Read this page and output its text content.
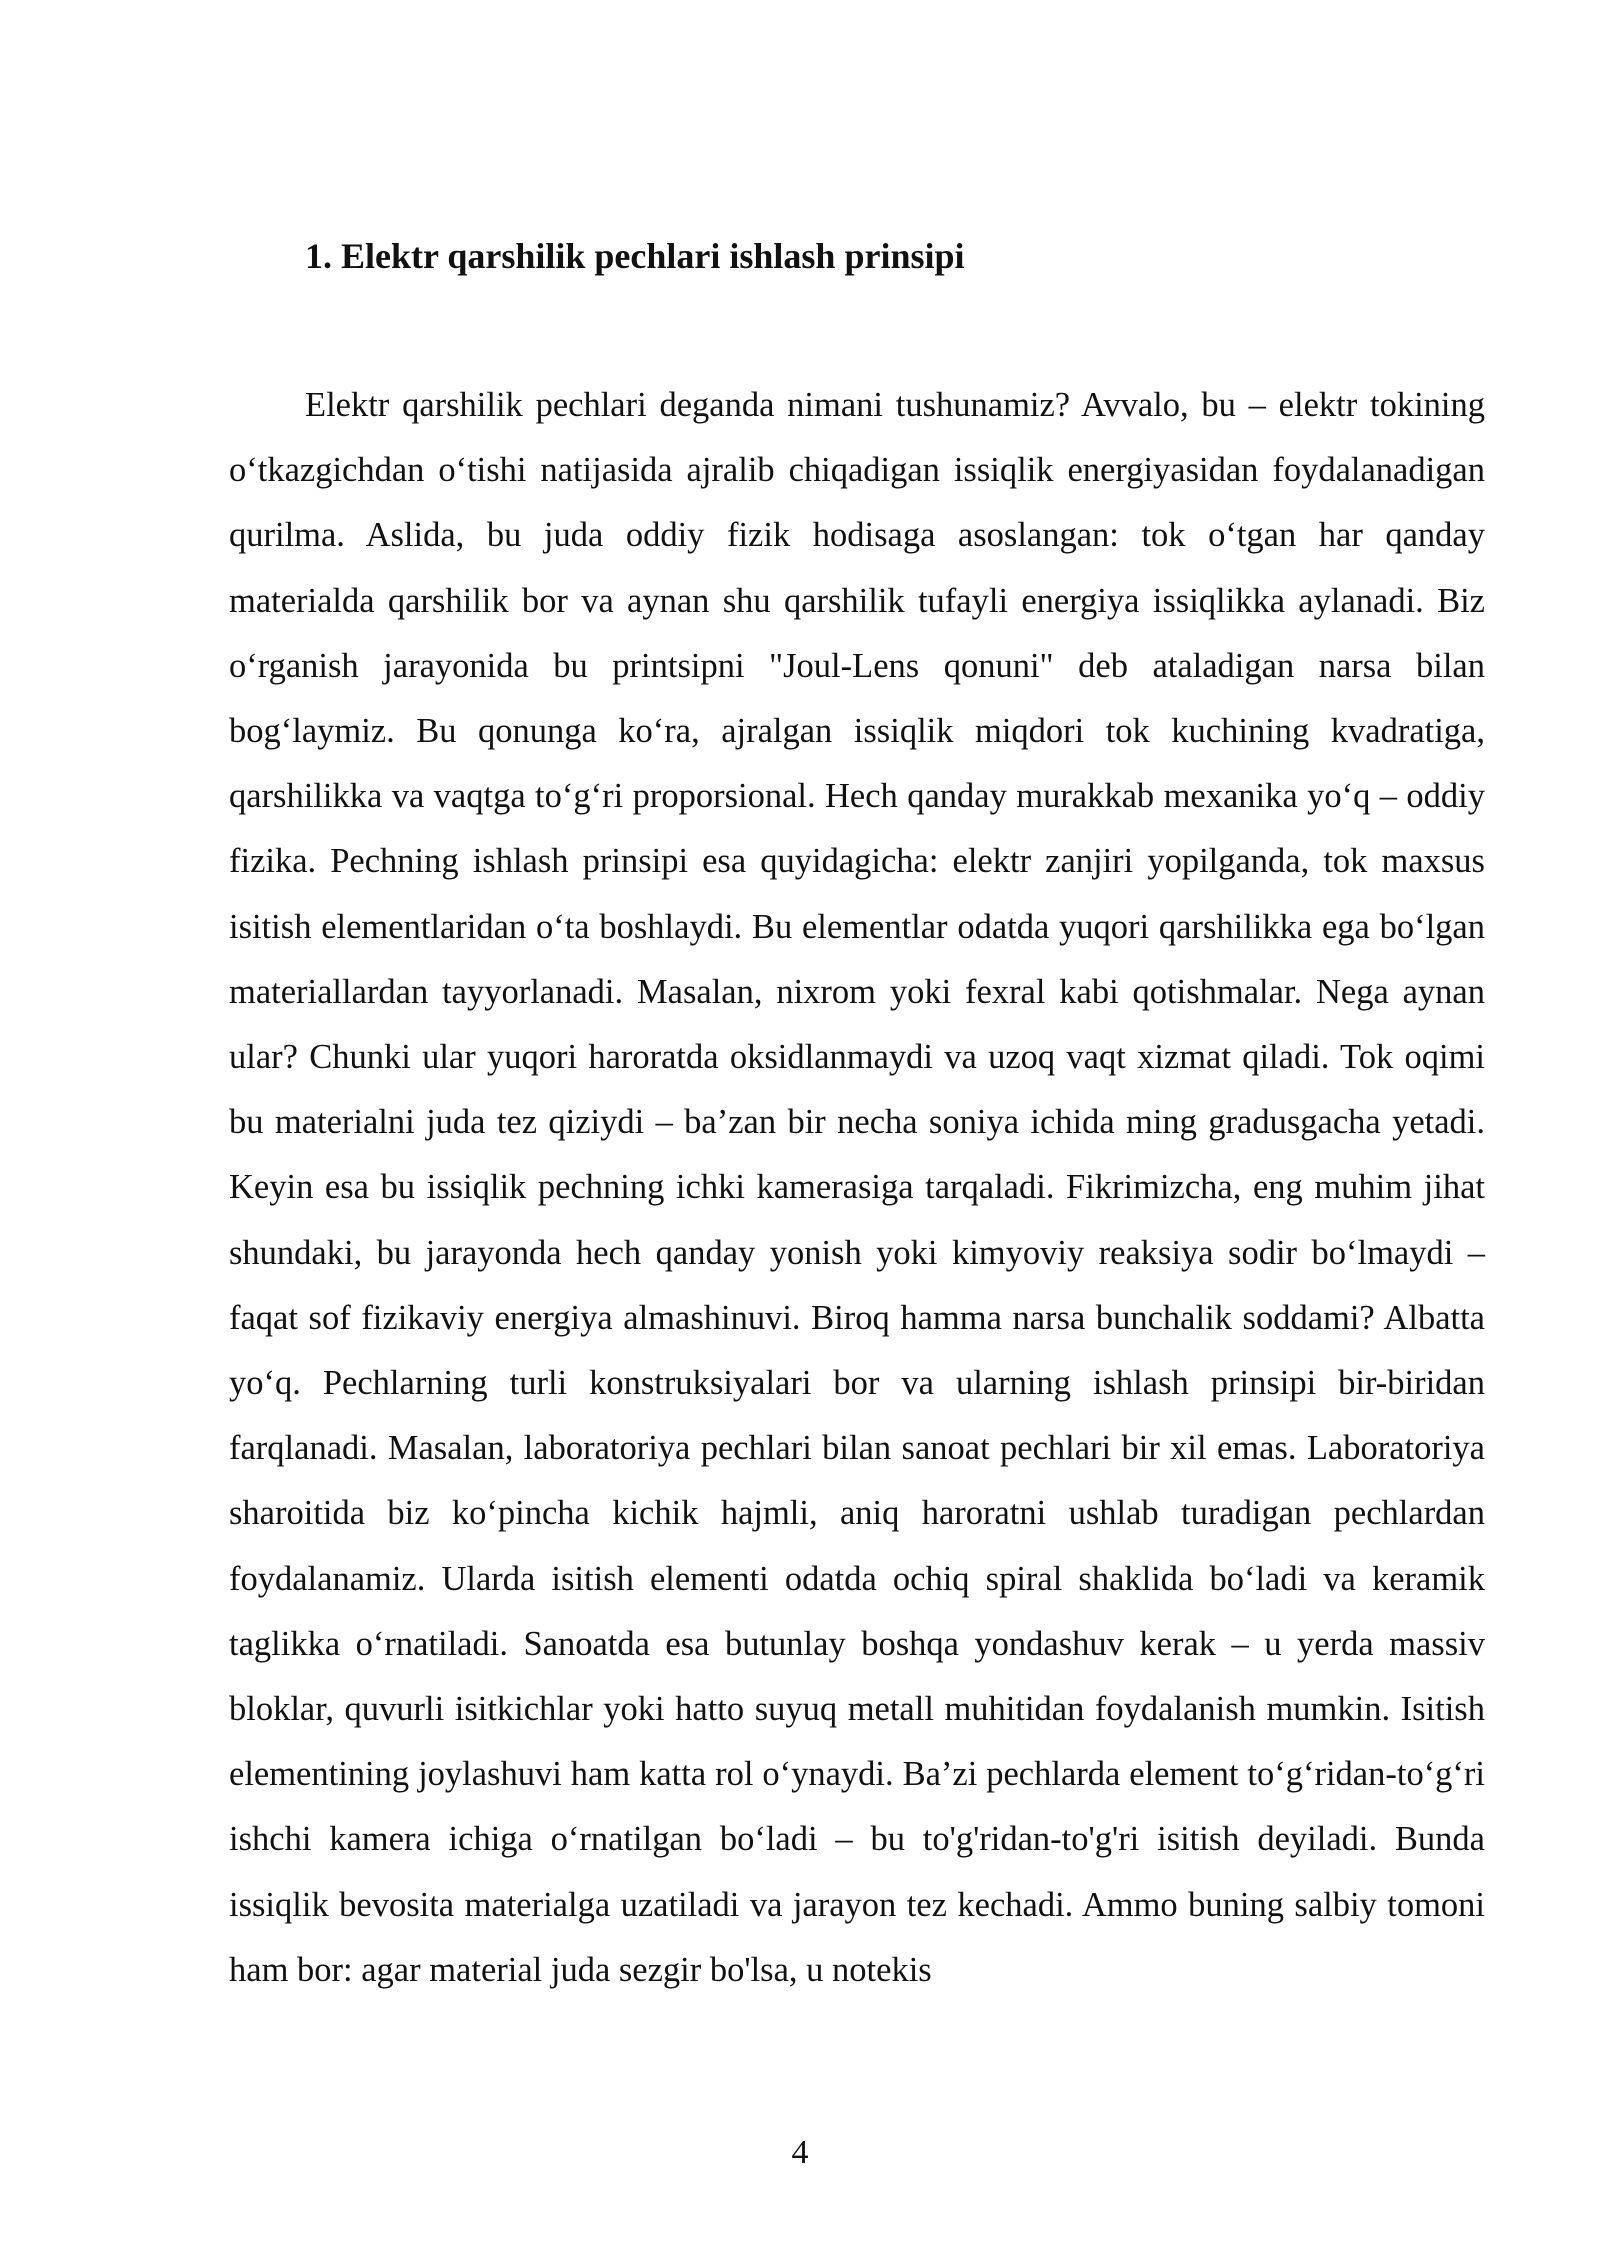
1. Elektr qarshilik pechlari ishlash prinsipi

Elektr qarshilik pechlari deganda nimani tushunamiz? Avvalo, bu – elektr tokining o‘tkazgichdan o‘tishi natijasida ajralib chiqadigan issiqlik energiyasidan foydalanadigan qurilma. Aslida, bu juda oddiy fizik hodisaga asoslangan: tok o‘tgan har qanday materialda qarshilik bor va aynan shu qarshilik tufayli energiya issiqlikka aylanadi. Biz o‘rganish jarayonida bu printsipni "Joul-Lens qonuni" deb ataladigan narsa bilan bog‘laymiz. Bu qonunga ko‘ra, ajralgan issiqlik miqdori tok kuchining kvadratiga, qarshilikka va vaqtga to‘g‘ri proporsional. Hech qanday murakkab mexanika yo‘q – oddiy fizika. Pechning ishlash prinsipi esa quyidagicha: elektr zanjiri yopilganda, tok maxsus isitish elementlaridan o‘ta boshlaydi. Bu elementlar odatda yuqori qarshilikka ega bo‘lgan materiallardan tayyorlanadi. Masalan, nixrom yoki fexral kabi qotishmalar. Nega aynan ular? Chunki ular yuqori haroratda oksidlanmaydi va uzoq vaqt xizmat qiladi. Tok oqimi bu materialni juda tez qiziydi – ba’zan bir necha soniya ichida ming gradusgacha yetadi. Keyin esa bu issiqlik pechning ichki kamerasiga tarqaladi. Fikrimizcha, eng muhim jihat shundaki, bu jarayonda hech qanday yonish yoki kimyoviy reaksiya sodir bo‘lmaydi – faqat sof fizikaviy energiya almashinuvi. Biroq hamma narsa bunchalik soddami? Albatta yo‘q. Pechlarning turli konstruksiyalari bor va ularning ishlash prinsipi bir-biridan farqlanadi. Masalan, laboratoriya pechlari bilan sanoat pechlari bir xil emas. Laboratoriya sharoitida biz ko‘pincha kichik hajmli, aniq haroratni ushlab turadigan pechlardan foydalanamiz. Ularda isitish elementi odatda ochiq spiral shaklida bo‘ladi va keramik taglikka o‘rnatiladi. Sanoatda esa butunlay boshqa yondashuv kerak – u yerda massiv bloklar, quvurli isitkichlar yoki hatto suyuq metall muhitidan foydalanish mumkin. Isitish elementining joylashuvi ham katta rol o‘ynaydi. Ba’zi pechlarda element to‘g‘ridan-to‘g‘ri ishchi kamera ichiga o‘rnatilgan bo‘ladi – bu to'g'ridan-to'g'ri isitish deyiladi. Bunda issiqlik bevosita materialga uzatiladi va jarayon tez kechadi. Ammo buning salbiy tomoni ham bor: agar material juda sezgir bo'lsa, u notekis

4
